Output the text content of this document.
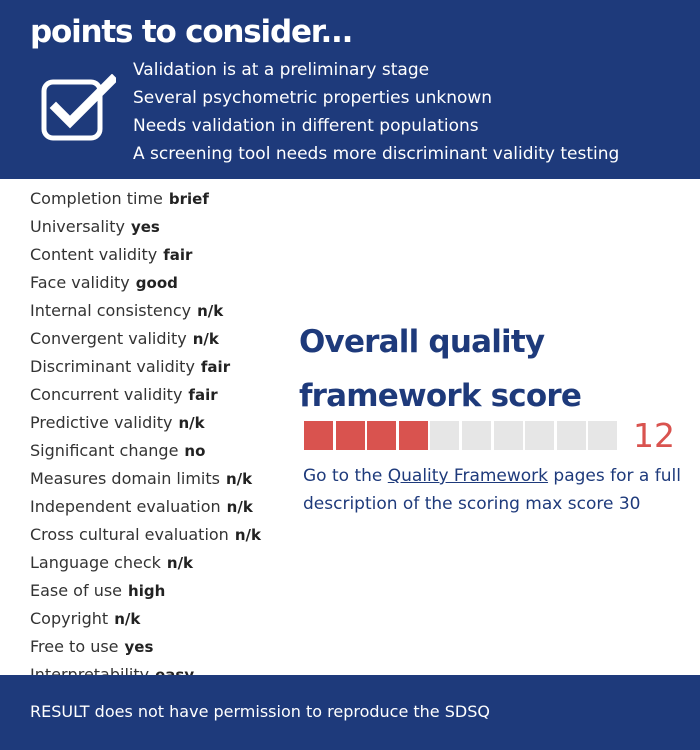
points to consider...
Validation is at a preliminary stage
Several psychometric properties unknown
Needs validation in different populations
A screening tool needs more discriminant validity testing
Completion time brief
Universality yes
Content validity fair
Face validity good
Internal consistency n/k
Convergent validity n/k
Discriminant validity fair
Concurrent validity fair
Predictive validity n/k
Significant change no
Measures domain limits n/k
Independent evaluation n/k
Cross cultural evaluation n/k
Language check n/k
Ease of use high
Copyright n/k
Free to use yes
Overall quality
framework score
12

Go to the Quality Framework pages for a full description of the scoring max score 30

RESULT does not have permission to reproduce the SDSQ
